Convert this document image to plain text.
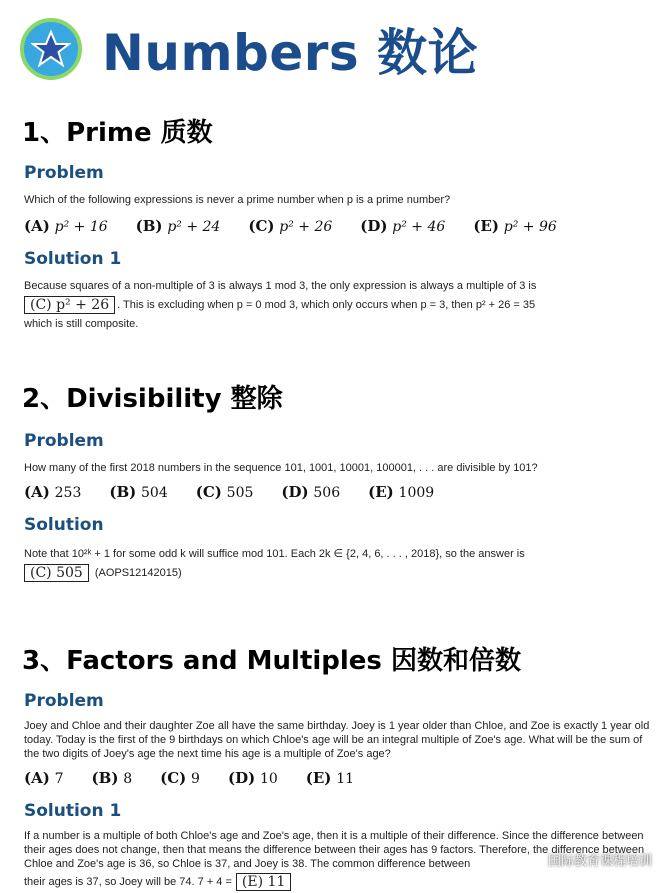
Numbers 数论
1、Prime 质数
Problem
Which of the following expressions is never a prime number when p is a prime number?
(A) p² + 16 (B) p² + 24 (C) p² + 26 (D) p² + 46 (E) p² + 96
Solution 1
Because squares of a non-multiple of 3 is always 1 mod 3, the only expression is always a multiple of 3 is
(C) p² + 26 . This is excluding when p = 0 mod 3, which only occurs when p = 3, then p² + 26 = 35
which is still composite.
2、Divisibility 整除
Problem
How many of the first 2018 numbers in the sequence 101, 1001, 10001, 100001, . . . are divisible by 101?
(A) 253 (B) 504 (C) 505 (D) 506 (E) 1009
Solution
Note that 10²ᵏ + 1 for some odd k will suffice mod 101. Each 2k ∈ {2, 4, 6, . . . , 2018}, so the answer is
(C) 505	(AOPS12142015)
3、Factors and Multiples 因数和倍数
Problem
Joey and Chloe and their daughter Zoe all have the same birthday. Joey is 1 year older than Chloe, and Zoe is exactly 1 year old today. Today is the first of the 9 birthdays on which Chloe's age will be an integral multiple of Zoe's age. What will be the sum of the two digits of Joey's age the next time his age is a multiple of Zoe's age?
(A) 7 (B) 8 (C) 9 (D) 10 (E) 11
Solution 1
If a number is a multiple of both Chloe's age and Zoe's age, then it is a multiple of their difference. Since the difference between their ages does not change, then that means the difference between their ages has 9 factors. Therefore, the difference between Chloe and Zoe's age is 36, so Chloe is 37, and Joey is 38. The common difference between
their ages is 37, so Joey will be 74. 7 + 4 = (E) 11
国际教育课程培训
